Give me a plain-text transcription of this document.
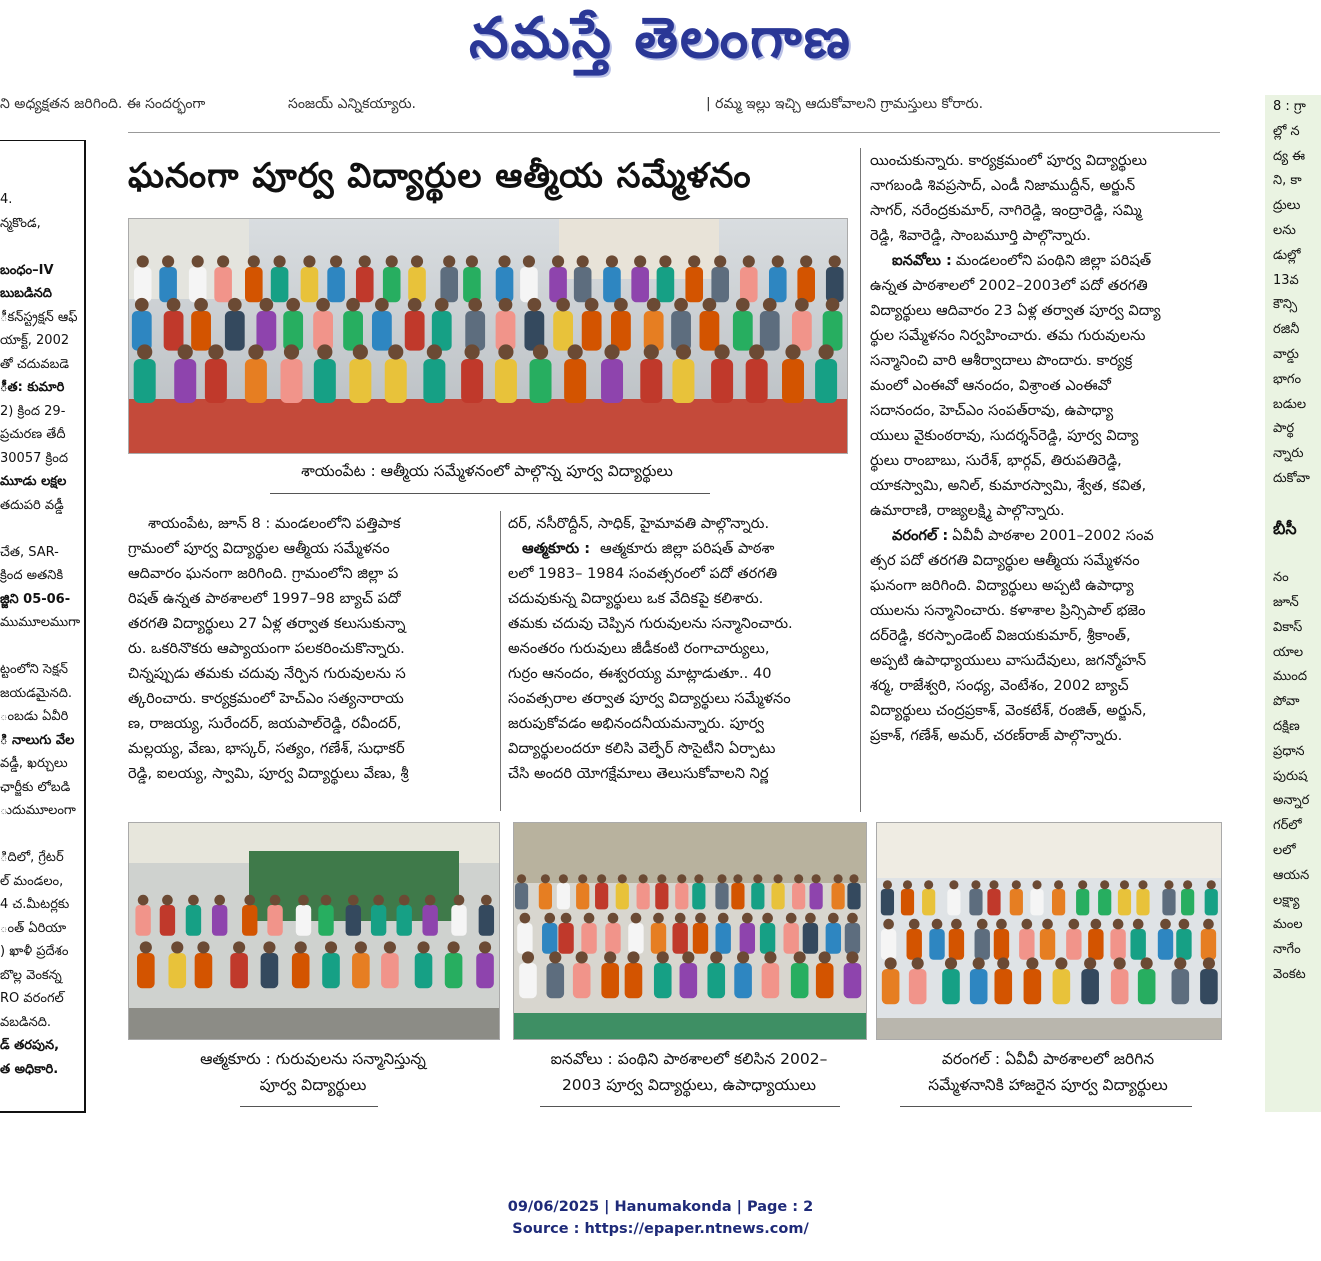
నమస్తే తెలంగాణ
ని అధ్యక్షతన జరిగింది. ఈ సందర్భంగా	సంజయ్ ఎన్నికయ్యారు.	| రమ్మ ఇల్లు ఇచ్చి ఆదుకోవాలని గ్రామస్తులు కోరారు.

4.
న్మకొండ,

బంధం–IV
బుబడినది
ీకన్‌స్ట్రక్షన్ ఆఫ్
యాక్ట్, 2002
తో చదువబడె
ీత: కుమారి
2) క్రింద 29-
ప్రచురణ తేదీ
30057 క్రింద
మూడు లక్షల
తదుపరి వడ్డీ

చేత, SAR-
క్రింద అతనికి
జ్జిని 05-06-
ముమూలముగా

ట్టంలోని సెక్షన్
జయడమైనది.
ంబడు ఏవీరి
ి నాలుగు వేల
వడ్డీ, ఖర్చులు
ఛార్జీకు లోబడి
ుదుమూలంగా

ిదిలో, గ్రేటర్
ల్ మండలం,
4 చ.మీటర్లకు
ంత్ ఏరియా
) ఖాళీ ప్రదేశం
బొల్ల వెంకన్న
RO వరంగల్
వబడినది.
డ్ తరపున,
త అధికారి.
8 : గ్రా
ల్లో న
ద్య ఈ
ని, కా
ద్రులు
లను
డుల్లో
13వ
కౌన్సి
రజినీ
వార్డు
భాగం
బడుల
పార్థ
న్నారు
దుకోవా

బీసీ

నం
జూన్
వికాస్
యాల
ముంద
పోవా
దక్షిణ
ప్రధాన
పురుష
అన్నార
గర్‌లో
లలో
ఆయన
లక్ష్యా
మంల
నాగేం
వెంకట
ఘనంగా పూర్వ విద్యార్థుల ఆత్మీయ సమ్మేళనం
శాయంపేట : ఆత్మీయ సమ్మేళనంలో పాల్గొన్న పూర్వ విద్యార్థులు
శాయంపేట, జూన్ 8 : మండలంలోని పత్తిపాక
గ్రామంలో పూర్వ విద్యార్థుల ఆత్మీయ సమ్మేళనం
ఆదివారం ఘనంగా జరిగింది. గ్రామంలోని జిల్లా ప
రిషత్ ఉన్నత పాఠశాలలో 1997–98 బ్యాచ్ పదో
తరగతి విద్యార్థులు 27 ఏళ్ల తర్వాత కలుసుకున్నా
రు. ఒకరినొకరు ఆప్యాయంగా పలకరించుకొన్నారు.
చిన్నప్పుడు తమకు చదువు నేర్పిన గురువులను స
త్కరించారు. కార్యక్రమంలో హెచ్ఎం సత్యనారాయ
ణ, రాజయ్య, సురేందర్, జయపాల్‌రెడ్డి, రవీందర్,
మల్లయ్య, వేణు, భాస్కర్, సత్యం, గణేశ్, సుధాకర్
రెడ్డి, ఐలయ్య, స్వామి, పూర్వ విద్యార్థులు వేణు, శ్రీ
దర్, నసీరొద్దీన్, సాధిక్, హైమావతి పాల్గొన్నారు.
ఆత్మకూరు : ఆత్మకూరు జిల్లా పరిషత్ పాఠశా
లలో 1983– 1984 సంవత్సరంలో పదో తరగతి
చదువుకున్న విద్యార్థులు ఒక వేదికపై కలిశారు.
తమకు చదువు చెప్పిన గురువులను సన్మానించారు.
అనంతరం గురువులు జీడీకంటి రంగాచార్యులు,
గుర్రం ఆనందం, ఈశ్వరయ్య మాట్లాడుతూ.. 40
సంవత్సరాల తర్వాత పూర్వ విద్యార్థులు సమ్మేళనం
జరుపుకోవడం అభినందనీయమన్నారు. పూర్వ
విద్యార్థులందరూ కలిసి వెల్ఫేర్ సొసైటీని ఏర్పాటు
చేసి అందరి యోగక్షేమాలు తెలుసుకోవాలని నిర్ణ
యించుకున్నారు. కార్యక్రమంలో పూర్వ విద్యార్థులు
నాగబండి శివప్రసాద్, ఎండీ నిజాముద్దీన్, అర్జున్
సాగర్, నరేంద్రకుమార్, నాగిరెడ్డి, ఇంద్రారెడ్డి, సమ్మి
రెడ్డి, శివారెడ్డి, సాంబమూర్తి పాల్గొన్నారు.
ఐనవోలు : మండలంలోని పంథిని జిల్లా పరిషత్
ఉన్నత పాఠశాలలో 2002–2003లో పదో తరగతి
విద్యార్థులు ఆదివారం 23 ఏళ్ల తర్వాత పూర్వ విద్యా
ర్థుల సమ్మేళనం నిర్వహించారు. తమ గురువులను
సన్మానించి వారి ఆశీర్వాదాలు పొందారు. కార్యక్ర
మంలో ఎంఈవో ఆనందం, విశ్రాంత ఎంఈవో
సదానందం, హెచ్ఎం సంపత్‌రావు, ఉపాధ్యా
యులు వైకుంఠరావు, సుదర్శన్‌రెడ్డి, పూర్వ విద్యా
ర్థులు రాంబాబు, సురేశ్, భార్గవ్, తిరుపతిరెడ్డి,
యాకస్వామి, అనిల్, కుమారస్వామి, శ్వేత, కవిత,
ఉమారాణి, రాజ్యలక్ష్మి పాల్గొన్నారు.
వరంగల్ : ఏవీవీ పాఠశాల 2001–2002 సంవ
త్సర పదో తరగతి విద్యార్థుల ఆత్మీయ సమ్మేళనం
ఘనంగా జరిగింది. విద్యార్థులు అప్పటి ఉపాధ్యా
యులను సన్మానించారు. కళాశాల ప్రిన్సిపాల్ భజెం
దర్‌రెడ్డి, కరస్పాండెంట్ విజయకుమార్, శ్రీకాంత్,
అప్పటి ఉపాధ్యాయులు వాసుదేవులు, జగన్మోహన్
శర్మ, రాజేశ్వరి, సంధ్య, వెంటేశం, 2002 బ్యాచ్
విద్యార్థులు చంద్రప్రకాశ్, వెంకటేశ్, రంజిత్, అర్జున్,
ప్రకాశ్, గణేశ్, అమర్, చరణ్‌రాజ్ పాల్గొన్నారు.
ఆత్మకూరు : గురువులను సన్మానిస్తున్న
పూర్వ విద్యార్థులు
ఐనవోలు : పంథిని పాఠశాలలో కలిసిన 2002–
2003 పూర్వ విద్యార్థులు, ఉపాధ్యాయులు
వరంగల్ : ఏవీవీ పాఠశాలలో జరిగిన
సమ్మేళనానికి హాజరైన పూర్వ విద్యార్థులు
09/06/2025 | Hanumakonda | Page : 2
Source : https://epaper.ntnews.com/
